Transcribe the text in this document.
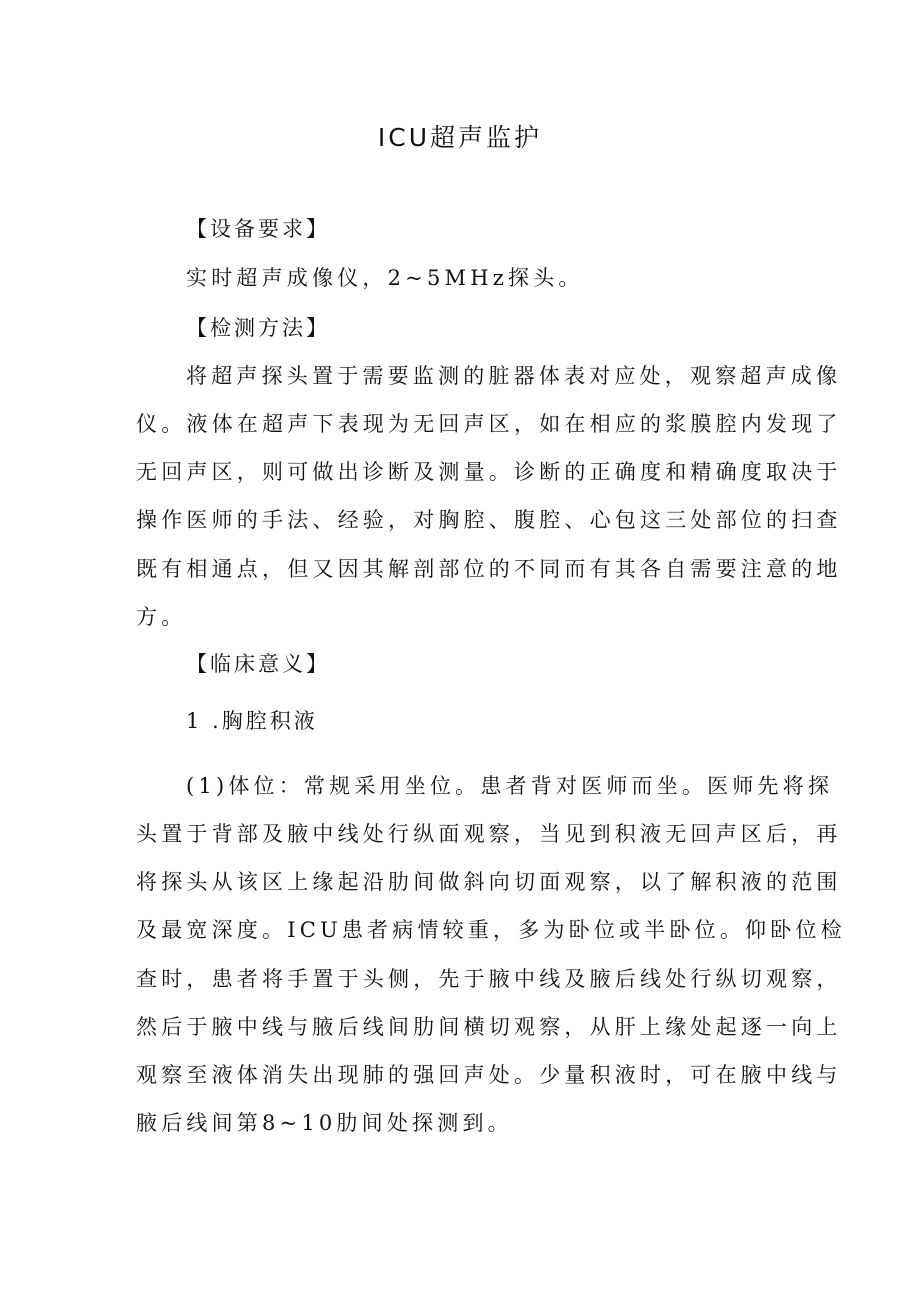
ICU超声监护
【设备要求】
实时超声成像仪，2~5MHz探头。
【检测方法】
将超声探头置于需要监测的脏器体表对应处，观察超声成像
仪。液体在超声下表现为无回声区，如在相应的浆膜腔内发现了
无回声区，则可做出诊断及测量。诊断的正确度和精确度取决于
操作医师的手法、经验，对胸腔、腹腔、心包这三处部位的扫查
既有相通点，但又因其解剖部位的不同而有其各自需要注意的地
方。
【临床意义】
1 .胸腔积液
(1)体位：常规采用坐位。患者背对医师而坐。医师先将探
头置于背部及腋中线处行纵面观察，当见到积液无回声区后，再
将探头从该区上缘起沿肋间做斜向切面观察，以了解积液的范围
及最宽深度。ICU患者病情较重，多为卧位或半卧位。仰卧位检
查时，患者将手置于头侧，先于腋中线及腋后线处行纵切观察，
然后于腋中线与腋后线间肋间横切观察，从肝上缘处起逐一向上
观察至液体消失出现肺的强回声处。少量积液时，可在腋中线与
腋后线间第8~10肋间处探测到。
